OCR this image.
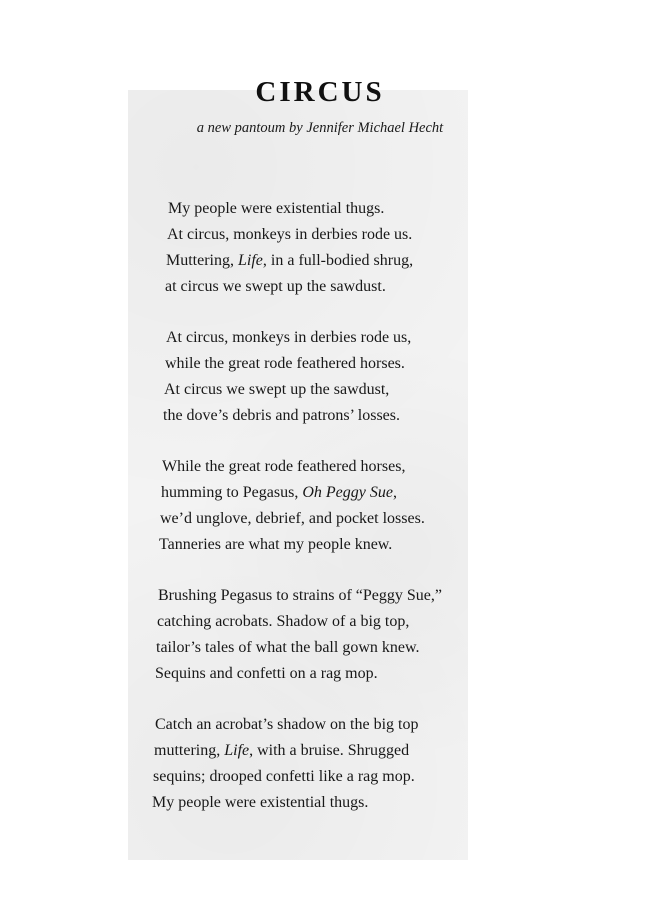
CIRCUS
a new pantoum by Jennifer Michael Hecht
My people were existential thugs.
At circus, monkeys in derbies rode us.
Muttering, Life, in a full-bodied shrug,
at circus we swept up the sawdust.
At circus, monkeys in derbies rode us,
while the great rode feathered horses.
At circus we swept up the sawdust,
the dove’s debris and patrons’ losses.
While the great rode feathered horses,
humming to Pegasus, Oh Peggy Sue,
we’d unglove, debrief, and pocket losses.
Tanneries are what my people knew.
Brushing Pegasus to strains of “Peggy Sue,”
catching acrobats. Shadow of a big top,
tailor’s tales of what the ball gown knew.
Sequins and confetti on a rag mop.
Catch an acrobat’s shadow on the big top
muttering, Life, with a bruise. Shrugged
sequins; drooped confetti like a rag mop.
My people were existential thugs.
